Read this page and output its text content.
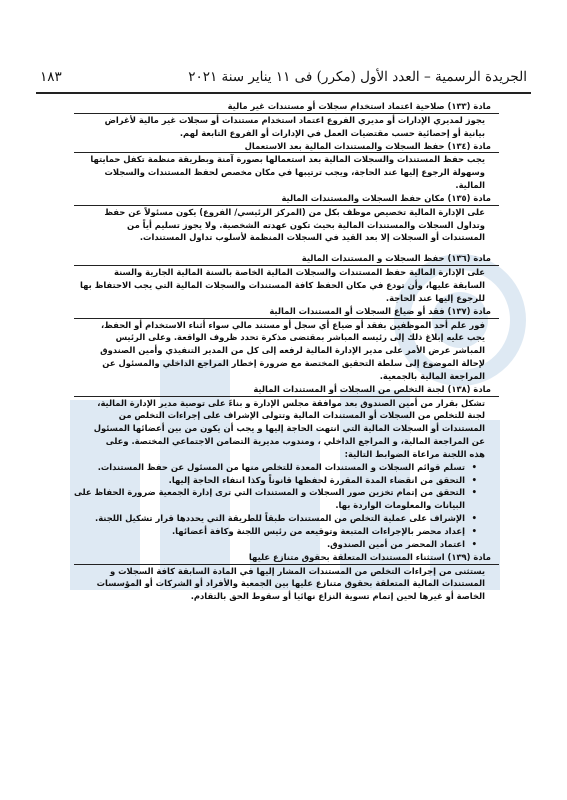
الجريدة الرسمية – العدد الأول (مكرر) فى ١١ يناير سنة ٢٠٢١
١٨٣
مادة (١٣٣) صلاحية اعتماد استخدام سجلات أو مستندات غير مالية
يجوز لمديري الإدارات أو مديري الفروع اعتماد استخدام مستندات أو سجلات غير مالية لأغراض
بيانية أو إحصائية حسب مقتضيات العمل في الإدارات أو الفروع التابعة لهم.
مادة (١٣٤) حفظ السجلات والمستندات المالية بعد الاستعمال
يجب حفظ المستندات والسجلات المالية بعد استعمالها بصورة آمنة وبطريقة منظمة تكفل حمايتها
وسهولة الرجوع إليها عند الحاجة، ويجب ترتيبها في مكان مخصص لحفظ المستندات والسجلات
المالية.
مادة (١٣٥) مكان حفظ السجلات والمستندات المالية
على الإدارة المالية تخصيص موظف بكل من (المركز الرئيسي/ الفروع) يكون مسئولاً عن حفظ
وتداول السجلات والمستندات المالية بحيث تكون عهدته الشخصية. ولا يجوز تسليم أياً من
المستندات أو السجلات إلا بعد القيد في السجلات المنظمة لأسلوب تداول المستندات.
مادة (١٣٦) حفظ السجلات و المستندات المالية
على الإدارة المالية حفظ المستندات والسجلات المالية الخاصة بالسنة المالية الجارية والسنة
السابقة عليها، وأن تودع في مكان الحفظ كافة المستندات والسجلات المالية التي يجب الاحتفاظ بها
للرجوع إليها عند الحاجة.
مادة (١٣٧) فقد أو ضياع السجلات أو المستندات المالية
فور علم أحد الموظفين بفقد أو ضياع أي سجل أو مستند مالي سواء أثناء الاستخدام أو الحفظ،
يجب عليه إبلاغ ذلك إلى رئيسه المباشر بمقتضى مذكرة تحدد ظروف الواقعة. وعلى الرئيس
المباشر عرض الأمر على مدير الإدارة المالية لرفعه إلى كل من المدير التنفيذي وأمين الصندوق
لإحالة الموضوع إلى سلطة التحقيق المختصة مع ضرورة إخطار المراجع الداخلي والمسئول عن
المراجعة المالية بالجمعية.
مادة (١٣٨) لجنة التخلص من السجلات أو المستندات المالية
تشكل بقرار من أمين الصندوق بعد موافقة مجلس الإدارة و بناءً على توصية مدير الإدارة المالية،
لجنة للتخلص من السجلات أو المستندات المالية وتتولى الإشراف على إجراءات التخلص من
المستندات أو السجلات المالية التي انتهت الحاجة إليها و يجب أن يكون من بين أعضائها المسئول
عن المراجعة المالية، و المراجع الداخلي ، ومندوب مديرية التضامن الاجتماعي المختصة. وعلى
هذه اللجنة مراعاة الضوابط التالية:
•
تسلم قوائم السجلات و المستندات المعدة للتخلص منها من المسئول عن حفظ المستندات.
•
التحقق من انقضاء المدة المقررة لحفظها قانوناً وكذا انتفاء الحاجة إليها.
•
التحقق من إتمام تخزين صور السجلات و المستندات التي ترى إدارة الجمعية ضرورة الحفاظ على البيانات والمعلومات الواردة بها.
•
الإشراف على عملية التخلص من المستندات طبقاً للطريقة التي يحددها قرار تشكيل اللجنة.
•
إعداد محضر بالإجراءات المتبعة وتوقيعه من رئيس اللجنة وكافة أعضائها.
•
اعتماد المحضر من أمين الصندوق.
مادة (١٣٩) استثناء المستندات المتعلقة بحقوق متنازع عليها
يستثنى من إجراءات التخلص من المستندات المشار إليها في المادة السابقة كافة السجلات و
المستندات المالية المتعلقة بحقوق متنازع عليها بين الجمعية والأفراد أو الشركات أو المؤسسات
الخاصة أو غيرها لحين إتمام تسوية النزاع نهائيا أو سقوط الحق بالتقادم.
